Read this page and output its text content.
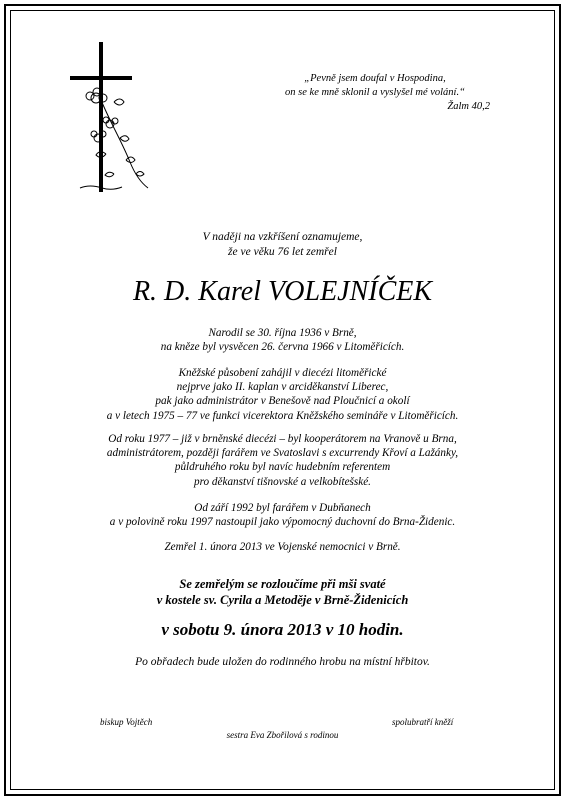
„Pevně jsem doufal v Hospodina,
on se ke mně sklonil a vyslyšel mé volání.“
Žalm 40,2
V naději na vzkříšení oznamujeme,
že ve věku 76 let zemřel
R. D. Karel VOLEJNÍČEK

Narodil se 30. října 1936 v Brně,

na kněze byl vysvěcen 26. června 1966 v Litoměřicích.

Kněžské působení zahájil v diecézi litoměřické

nejprve jako II. kaplan v arciděkanství Liberec,

pak jako administrátor v Benešově nad Ploučnicí a okolí

a v letech 1975 – 77 ve funkci vicerektora Kněžského semináře v Litoměřicích.

Od roku 1977 – již v brněnské diecézi – byl kooperátorem na Vranově u Brna,

administrátorem, později farářem ve Svatoslavi s excurrendy Křoví a Lažánky,

půldruhého roku byl navíc hudebním referentem

pro děkanství tišnovské a velkobítešské.

Od září 1992 byl farářem v Dubňanech

a v polovině roku 1997 nastoupil jako výpomocný duchovní do Brna-Židenic.

Zemřel 1. února 2013 ve Vojenské nemocnici v Brně.

Se zemřelým se rozloučíme při mši svaté
v kostele sv. Cyrila a Metoděje v Brně-Židenicích
v sobotu 9. února 2013 v 10 hodin.
Po obřadech bude uložen do rodinného hrobu na místní hřbitov.
biskup Vojtěch	spolubratří kněží
sestra Eva Zbořilová s rodinou
